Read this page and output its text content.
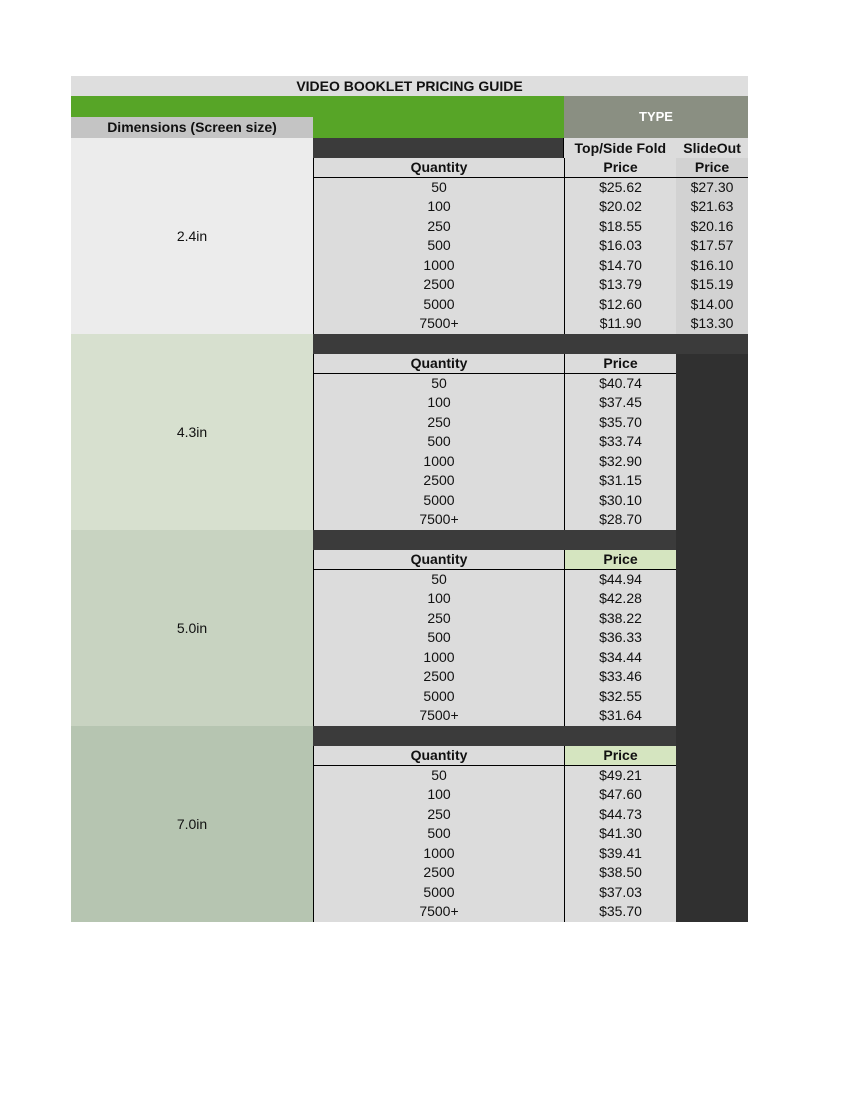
VIDEO BOOKLET PRICING GUIDE
Dimensions (Screen size)
TYPE
2.4in
Top/Side Fold	SlideOut
Quantity	Price	Price
50	$25.62	$27.30
100	$20.02	$21.63
250	$18.55	$20.16
500	$16.03	$17.57
1000	$14.70	$16.10
2500	$13.79	$15.19
5000	$12.60	$14.00
7500+	$11.90	$13.30
4.3in
Quantity	Price
50	$40.74
100	$37.45
250	$35.70
500	$33.74
1000	$32.90
2500	$31.15
5000	$30.10
7500+	$28.70
5.0in
Quantity	Price
50	$44.94
100	$42.28
250	$38.22
500	$36.33
1000	$34.44
2500	$33.46
5000	$32.55
7500+	$31.64
7.0in
Quantity	Price
50	$49.21
100	$47.60
250	$44.73
500	$41.30
1000	$39.41
2500	$38.50
5000	$37.03
7500+	$35.70
